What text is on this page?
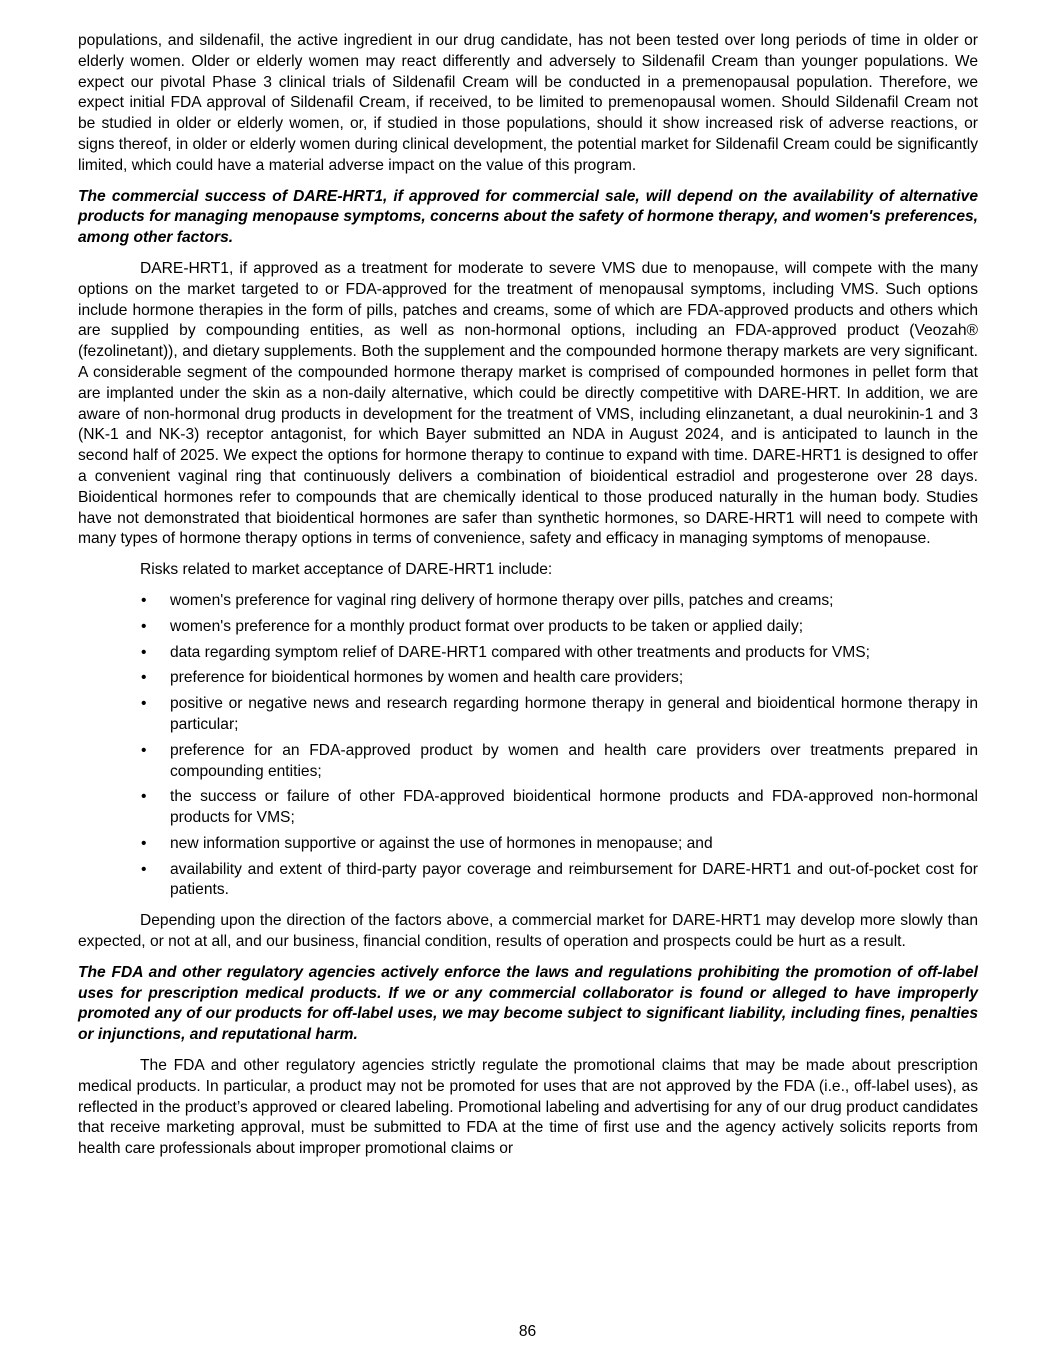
populations, and sildenafil, the active ingredient in our drug candidate, has not been tested over long periods of time in older or elderly women. Older or elderly women may react differently and adversely to Sildenafil Cream than younger populations. We expect our pivotal Phase 3 clinical trials of Sildenafil Cream will be conducted in a premenopausal population. Therefore, we expect initial FDA approval of Sildenafil Cream, if received, to be limited to premenopausal women. Should Sildenafil Cream not be studied in older or elderly women, or, if studied in those populations, should it show increased risk of adverse reactions, or signs thereof, in older or elderly women during clinical development, the potential market for Sildenafil Cream could be significantly limited, which could have a material adverse impact on the value of this program.

The commercial success of DARE-HRT1, if approved for commercial sale, will depend on the availability of alternative products for managing menopause symptoms, concerns about the safety of hormone therapy, and women's preferences, among other factors.

DARE-HRT1, if approved as a treatment for moderate to severe VMS due to menopause, will compete with the many options on the market targeted to or FDA-approved for the treatment of menopausal symptoms, including VMS. Such options include hormone therapies in the form of pills, patches and creams, some of which are FDA-approved products and others which are supplied by compounding entities, as well as non-hormonal options, including an FDA-approved product (Veozah® (fezolinetant)), and dietary supplements. Both the supplement and the compounded hormone therapy markets are very significant. A considerable segment of the compounded hormone therapy market is comprised of compounded hormones in pellet form that are implanted under the skin as a non-daily alternative, which could be directly competitive with DARE-HRT. In addition, we are aware of non-hormonal drug products in development for the treatment of VMS, including elinzanetant, a dual neurokinin-1 and 3 (NK-1 and NK-3) receptor antagonist, for which Bayer submitted an NDA in August 2024, and is anticipated to launch in the second half of 2025. We expect the options for hormone therapy to continue to expand with time. DARE-HRT1 is designed to offer a convenient vaginal ring that continuously delivers a combination of bioidentical estradiol and progesterone over 28 days. Bioidentical hormones refer to compounds that are chemically identical to those produced naturally in the human body. Studies have not demonstrated that bioidentical hormones are safer than synthetic hormones, so DARE-HRT1 will need to compete with many types of hormone therapy options in terms of convenience, safety and efficacy in managing symptoms of menopause.

Risks related to market acceptance of DARE-HRT1 include:

• women's preference for vaginal ring delivery of hormone therapy over pills, patches and creams;
• women's preference for a monthly product format over products to be taken or applied daily;
• data regarding symptom relief of DARE-HRT1 compared with other treatments and products for VMS;
• preference for bioidentical hormones by women and health care providers;
• positive or negative news and research regarding hormone therapy in general and bioidentical hormone therapy in particular;
• preference for an FDA-approved product by women and health care providers over treatments prepared in compounding entities;
• the success or failure of other FDA-approved bioidentical hormone products and FDA-approved non-hormonal products for VMS;
• new information supportive or against the use of hormones in menopause; and
• availability and extent of third-party payor coverage and reimbursement for DARE-HRT1 and out-of-pocket cost for patients.

Depending upon the direction of the factors above, a commercial market for DARE-HRT1 may develop more slowly than expected, or not at all, and our business, financial condition, results of operation and prospects could be hurt as a result.

The FDA and other regulatory agencies actively enforce the laws and regulations prohibiting the promotion of off-label uses for prescription medical products. If we or any commercial collaborator is found or alleged to have improperly promoted any of our products for off-label uses, we may become subject to significant liability, including fines, penalties or injunctions, and reputational harm.

The FDA and other regulatory agencies strictly regulate the promotional claims that may be made about prescription medical products. In particular, a product may not be promoted for uses that are not approved by the FDA (i.e., off-label uses), as reflected in the product’s approved or cleared labeling. Promotional labeling and advertising for any of our drug product candidates that receive marketing approval, must be submitted to FDA at the time of first use and the agency actively solicits reports from health care professionals about improper promotional claims or

86
